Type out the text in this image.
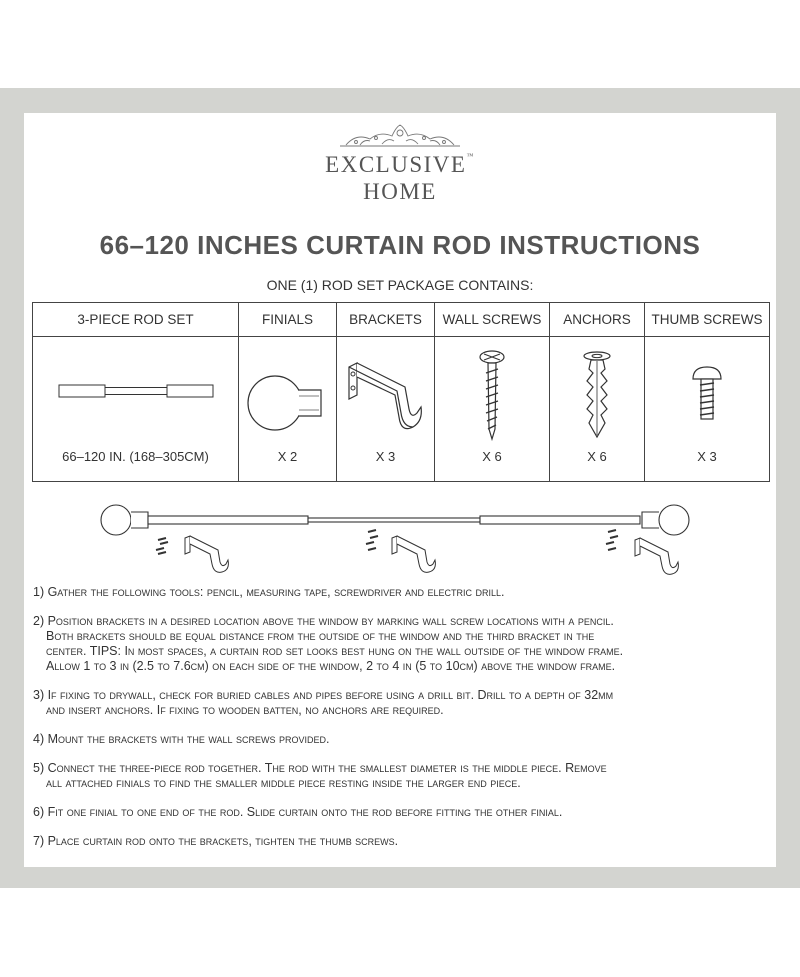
EXCLUSIVE™
HOME
66–120 INCHES CURTAIN ROD INSTRUCTIONS
ONE (1) ROD SET PACKAGE CONTAINS:
3-PIECE ROD SET	FINIALS	BRACKETS	WALL SCREWS	ANCHORS	THUMB SCREWS

66–120 IN. (168–305CM)	X 2	X 3	X 6	X 6	X 3
1) Gather the following tools: pencil, measuring tape, screwdriver and electric drill.
2) Position brackets in a desired location above the window by marking wall screw locations with a pencil.
Both brackets should be equal distance from the outside of the window and the third bracket in the
center. TIPS: In most spaces, a curtain rod set looks best hung on the wall outside of the window frame.
Allow 1 to 3 in (2.5 to 7.6cm) on each side of the window, 2 to 4 in (5 to 10cm) above the window frame.
3) If fixing to drywall, check for buried cables and pipes before using a drill bit. Drill to a depth of 32mm
and insert anchors. If fixing to wooden batten, no anchors are required.
4) Mount the brackets with the wall screws provided.
5) Connect the three-piece rod together. The rod with the smallest diameter is the middle piece. Remove
all attached finials to find the smaller middle piece resting inside the larger end piece.
6) Fit one finial to one end of the rod. Slide curtain onto the rod before fitting the other finial.
7) Place curtain rod onto the brackets, tighten the thumb screws.
